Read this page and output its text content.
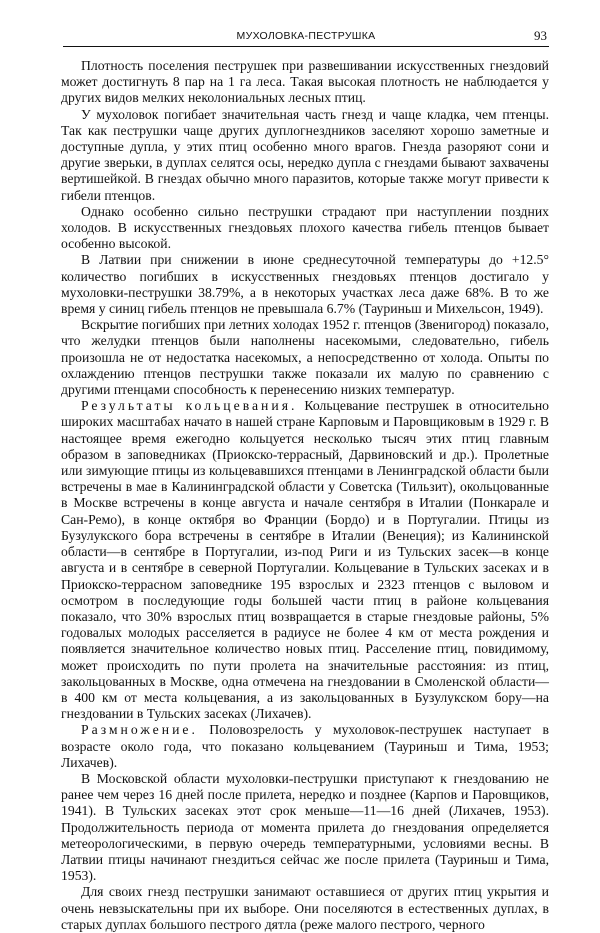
МУХОЛОВКА-ПЕСТРУШКА	93

Плотность поселения пеструшек при развешивании искусственных гнездовий может достигнуть 8 пар на 1 га леса. Такая высокая плотность не наблюдается у других видов мелких неколониальных лесных птиц.

У мухоловок погибает значительная часть гнезд и чаще кладка, чем птенцы. Так как пеструшки чаще других дуплогнездников заселяют хорошо заметные и доступные дупла, у этих птиц особенно много врагов. Гнезда разоряют сони и другие зверьки, в дуплах селятся осы, нередко дупла с гнездами бывают захвачены вертишейкой. В гнездах обычно много паразитов, которые также могут привести к гибели птенцов.

Однако особенно сильно пеструшки страдают при наступлении поздних холодов. В искусственных гнездовьях плохого качества гибель птенцов бывает особенно высокой.

В Латвии при снижении в июне среднесуточной температуры до +12.5° количество погибших в искусственных гнездовьях птенцов достигало у мухоловки-пеструшки 38.79%, а в некоторых участках леса даже 68%. В то же время у синиц гибель птенцов не превышала 6.7% (Тауриньш и Михельсон, 1949).

Вскрытие погибших при летних холодах 1952 г. птенцов (Звенигород) показало, что желудки птенцов были наполнены насекомыми, следовательно, гибель произошла не от недостатка насекомых, а непосредственно от холода. Опыты по охлаждению птенцов пеструшки также показали их малую по сравнению с другими птенцами способность к перенесению низких температур.

Результаты кольцевания. Кольцевание пеструшек в относительно широких масштабах начато в нашей стране Карповым и Паровщиковым в 1929 г. В настоящее время ежегодно кольцуется несколько тысяч этих птиц главным образом в заповедниках (Приокско-террасный, Дарвиновский и др.). Пролетные или зимующие птицы из кольцевавшихся птенцами в Ленинградской области были встречены в мае в Калининградской области у Советска (Тильзит), окольцованные в Москве встречены в конце августа и начале сентября в Италии (Понкарале и Сан-Ремо), в конце октября во Франции (Бордо) и в Португалии. Птицы из Бузулукского бора встречены в сентябре в Италии (Венеция); из Калининской области—в сентябре в Португалии, из-под Риги и из Тульских засек—в конце августа и в сентябре в северной Португалии. Кольцевание в Тульских засеках и в Приокско-террасном заповеднике 195 взрослых и 2323 птенцов с выловом и осмотром в последующие годы большей части птиц в районе кольцевания показало, что 30% взрослых птиц возвращается в старые гнездовые районы, 5% годовалых молодых расселяется в радиусе не более 4 км от места рождения и появляется значительное количество новых птиц. Расселение птиц, повидимому, может происходить по пути пролета на значительные расстояния: из птиц, закольцованных в Москве, одна отмечена на гнездовании в Смоленской области—в 400 км от места кольцевания, а из закольцованных в Бузулукском бору—на гнездовании в Тульских засеках (Лихачев).

Размножение. Половозрелость у мухоловок-пеструшек наступает в возрасте около года, что показано кольцеванием (Тауриньш и Тима, 1953; Лихачев).

В Московской области мухоловки-пеструшки приступают к гнездованию не ранее чем через 16 дней после прилета, нередко и позднее (Карпов и Паровщиков, 1941). В Тульских засеках этот срок меньше—11—16 дней (Лихачев, 1953). Продолжительность периода от момента прилета до гнездования определяется метеорологическими, в первую очередь температурными, условиями весны. В Латвии птицы начинают гнездиться сейчас же после прилета (Тауриньш и Тима, 1953).

Для своих гнезд пеструшки занимают оставшиеся от других птиц укрытия и очень невзыскательны при их выборе. Они поселяются в естественных дуплах, в старых дуплах большого пестрого дятла (реже малого пестрого, черного
